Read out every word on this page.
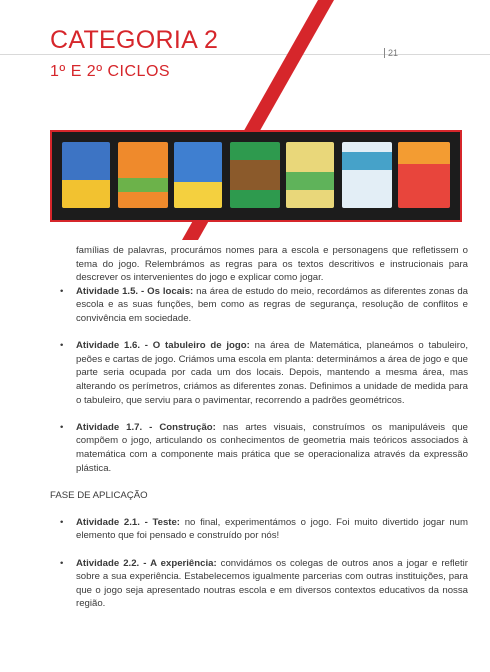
CATEGORIA 2
1º E 2º CICLOS
21

famílias de palavras, procurámos nomes para a escola e personagens que refletissem o tema do jogo. Relembrámos as regras para os textos descritivos e instrucionais para descrever os intervenientes do jogo e explicar como jogar.

• Atividade 1.5. - Os locais: na área de estudo do meio, recordámos as diferentes zonas da escola e as suas funções, bem como as regras de segurança, resolução de conflitos e convivência em sociedade.

• Atividade 1.6. - O tabuleiro de jogo: na área de Matemática, planeámos o tabuleiro, peões e cartas de jogo. Criámos uma escola em planta: determinámos a área de jogo e que parte seria ocupada por cada um dos locais. Depois, mantendo a mesma área, mas alterando os perímetros, criámos as diferentes zonas. Definimos a unidade de medida para o tabuleiro, que serviu para o pavimentar, recorrendo a padrões geométricos.

• Atividade 1.7. - Construção: nas artes visuais, construímos os manipuláveis que compõem o jogo, articulando os conhecimentos de geometria mais teóricos associados à matemática com a componente mais prática que se operacionaliza através da expressão plástica.

FASE DE APLICAÇÃO

• Atividade 2.1. - Teste: no final, experimentámos o jogo. Foi muito divertido jogar num elemento que foi pensado e construído por nós!

• Atividade 2.2. - A experiência: convidámos os colegas de outros anos a jogar e refletir sobre a sua experiência. Estabelecemos igualmente parcerias com outras instituições, para que o jogo seja apresentado noutras escola e em diversos contextos educativos da nossa região.
